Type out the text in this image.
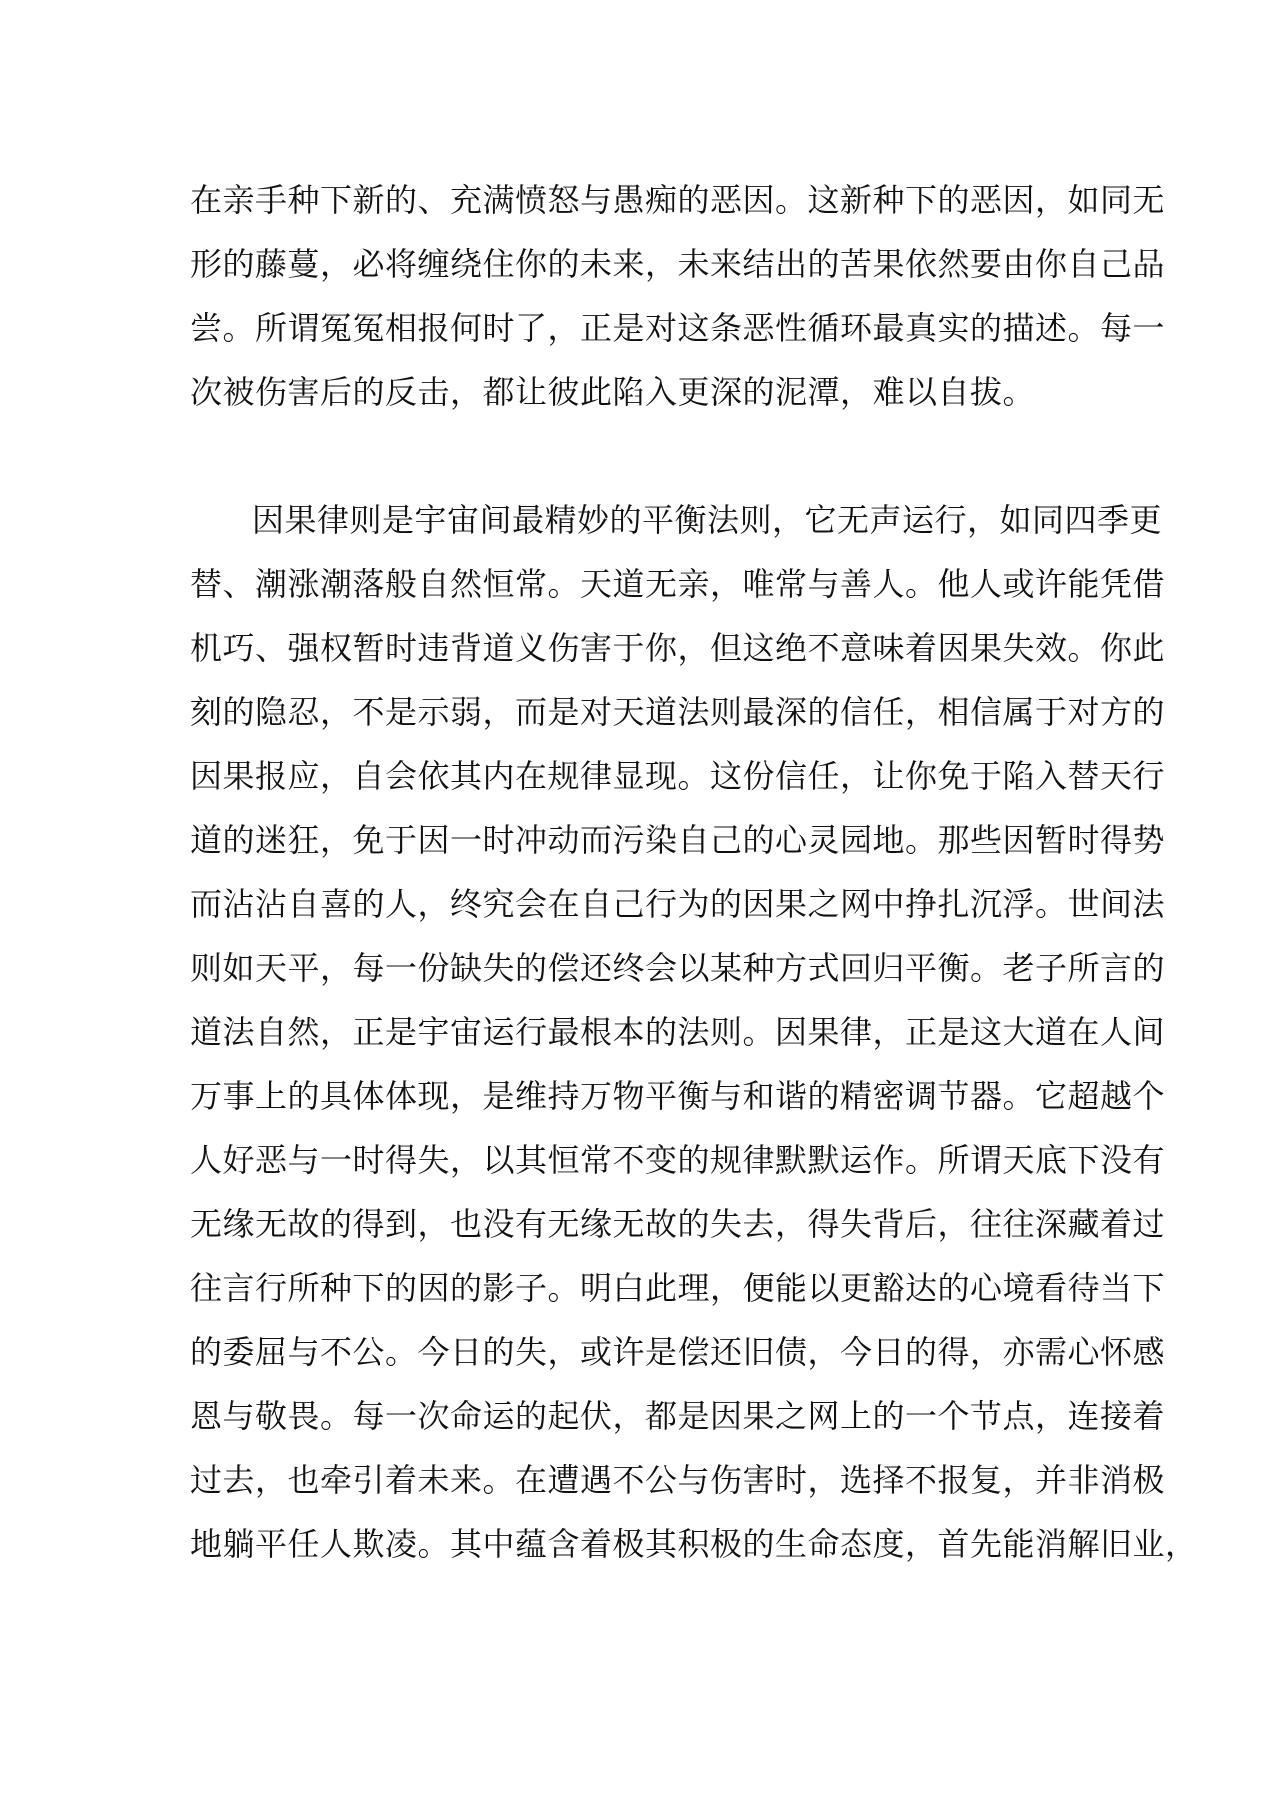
在亲手种下新的、充满愤怒与愚痴的恶因。这新种下的恶因，如同无
形的藤蔓，必将缠绕住你的未来，未来结出的苦果依然要由你自己品
尝。所谓冤冤相报何时了，正是对这条恶性循环最真实的描述。每一
次被伤害后的反击，都让彼此陷入更深的泥潭，难以自拔。
因果律则是宇宙间最精妙的平衡法则，它无声运行，如同四季更
替、潮涨潮落般自然恒常。天道无亲，唯常与善人。他人或许能凭借
机巧、强权暂时违背道义伤害于你，但这绝不意味着因果失效。你此
刻的隐忍，不是示弱，而是对天道法则最深的信任，相信属于对方的
因果报应，自会依其内在规律显现。这份信任，让你免于陷入替天行
道的迷狂，免于因一时冲动而污染自己的心灵园地。那些因暂时得势
而沾沾自喜的人，终究会在自己行为的因果之网中挣扎沉浮。世间法
则如天平，每一份缺失的偿还终会以某种方式回归平衡。老子所言的
道法自然，正是宇宙运行最根本的法则。因果律，正是这大道在人间
万事上的具体体现，是维持万物平衡与和谐的精密调节器。它超越个
人好恶与一时得失，以其恒常不变的规律默默运作。所谓天底下没有
无缘无故的得到，也没有无缘无故的失去，得失背后，往往深藏着过
往言行所种下的因的影子。明白此理，便能以更豁达的心境看待当下
的委屈与不公。今日的失，或许是偿还旧债，今日的得，亦需心怀感
恩与敬畏。每一次命运的起伏，都是因果之网上的一个节点，连接着
过去，也牵引着未来。在遭遇不公与伤害时，选择不报复，并非消极
地躺平任人欺凌。其中蕴含着极其积极的生命态度，首先能消解旧业，
